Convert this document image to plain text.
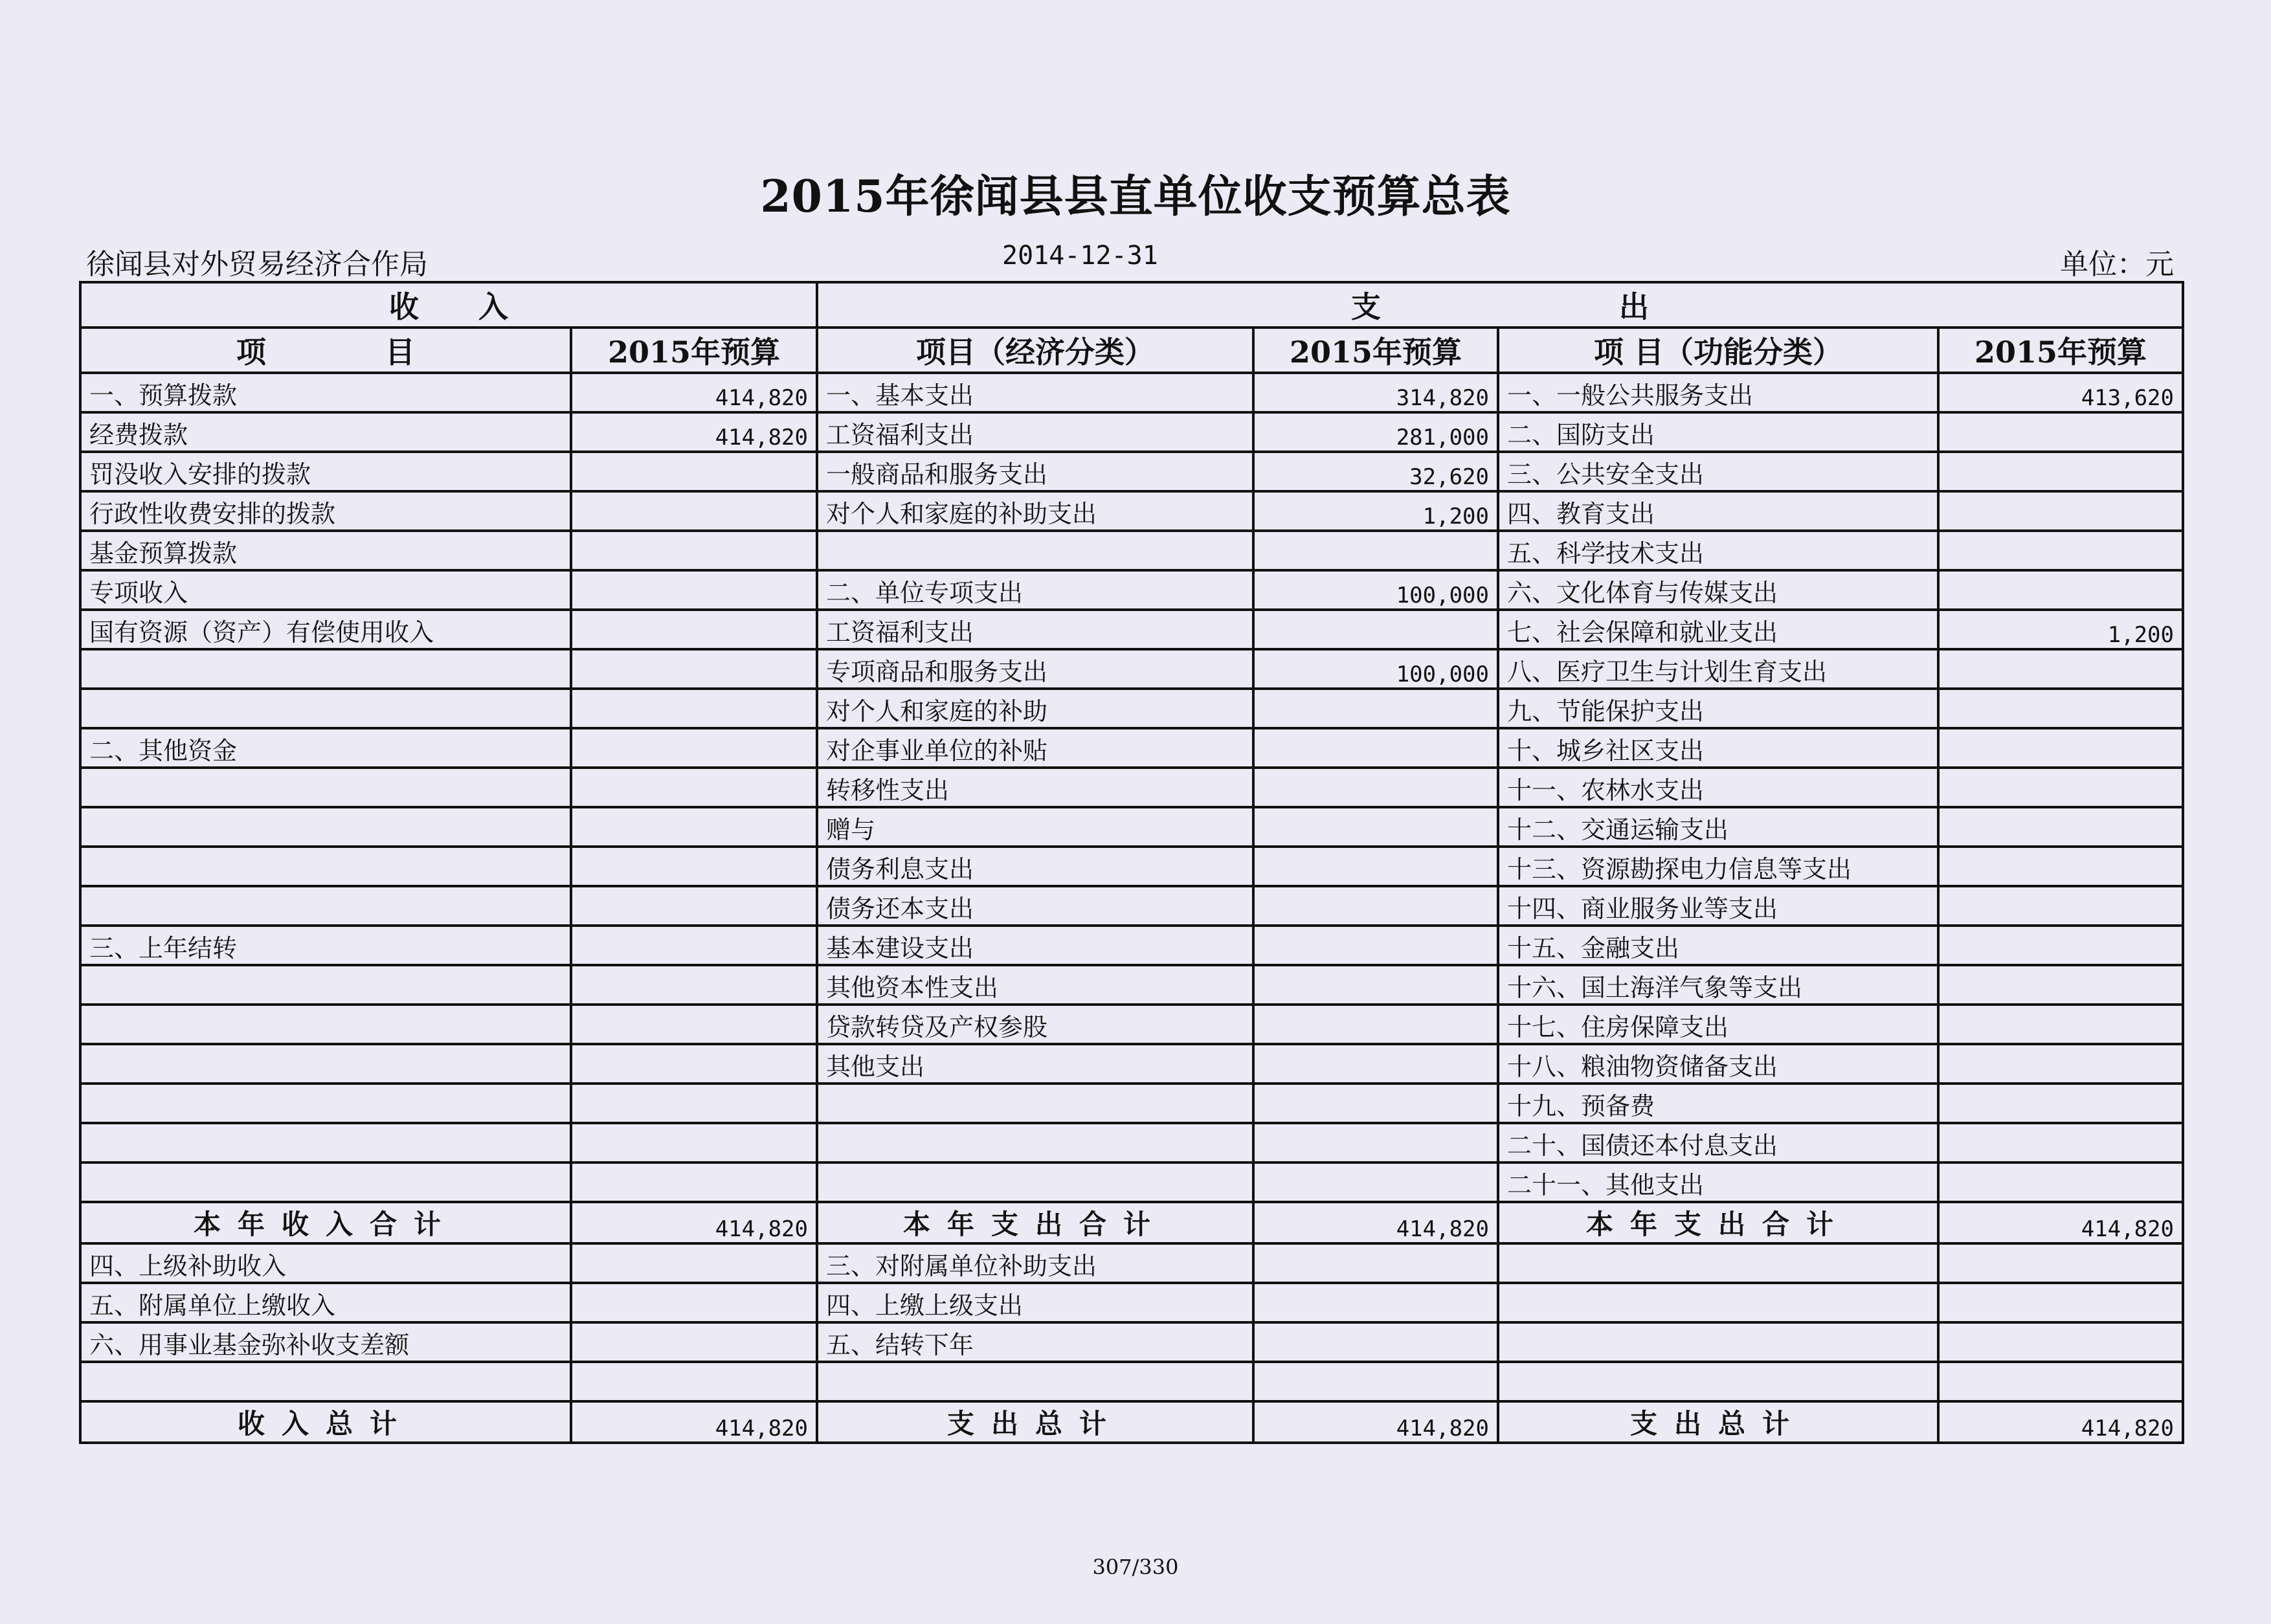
2015年徐闻县县直单位收支预算总表
徐闻县对外贸易经济合作局	2014-12-31	单位：元
收　　入		支　　　　　　　　出			
项　　　　目	2015年预算	项目（经济分类）	2015年预算	项 目（功能分类）	2015年预算
一、预算拨款	414,820	一、基本支出	314,820	一、一般公共服务支出	413,620
经费拨款	414,820	工资福利支出	281,000	二、国防支出	
罚没收入安排的拨款		一般商品和服务支出	32,620	三、公共安全支出	
行政性收费安排的拨款		对个人和家庭的补助支出	1,200	四、教育支出	
基金预算拨款				五、科学技术支出	
专项收入		二、单位专项支出	100,000	六、文化体育与传媒支出	
国有资源（资产）有偿使用收入		工资福利支出		七、社会保障和就业支出	1,200
		专项商品和服务支出	100,000	八、医疗卫生与计划生育支出	
		对个人和家庭的补助		九、节能保护支出	
二、其他资金		对企事业单位的补贴		十、城乡社区支出	
		转移性支出		十一、农林水支出	
		赠与		十二、交通运输支出	
		债务利息支出		十三、资源勘探电力信息等支出	
		债务还本支出		十四、商业服务业等支出	
三、上年结转		基本建设支出		十五、金融支出	
		其他资本性支出		十六、国土海洋气象等支出	
		贷款转贷及产权参股		十七、住房保障支出	
		其他支出		十八、粮油物资储备支出	
				十九、预备费	
				二十、国债还本付息支出	
				二十一、其他支出	
本年收入合计	414,820	本年支出合计	414,820	本年支出合计	414,820
四、上级补助收入		三、对附属单位补助支出			
五、附属单位上缴收入		四、上缴上级支出			
六、用事业基金弥补收支差额		五、结转下年			

收入总计	414,820	支出总计	414,820	支出总计	414,820
307/330
